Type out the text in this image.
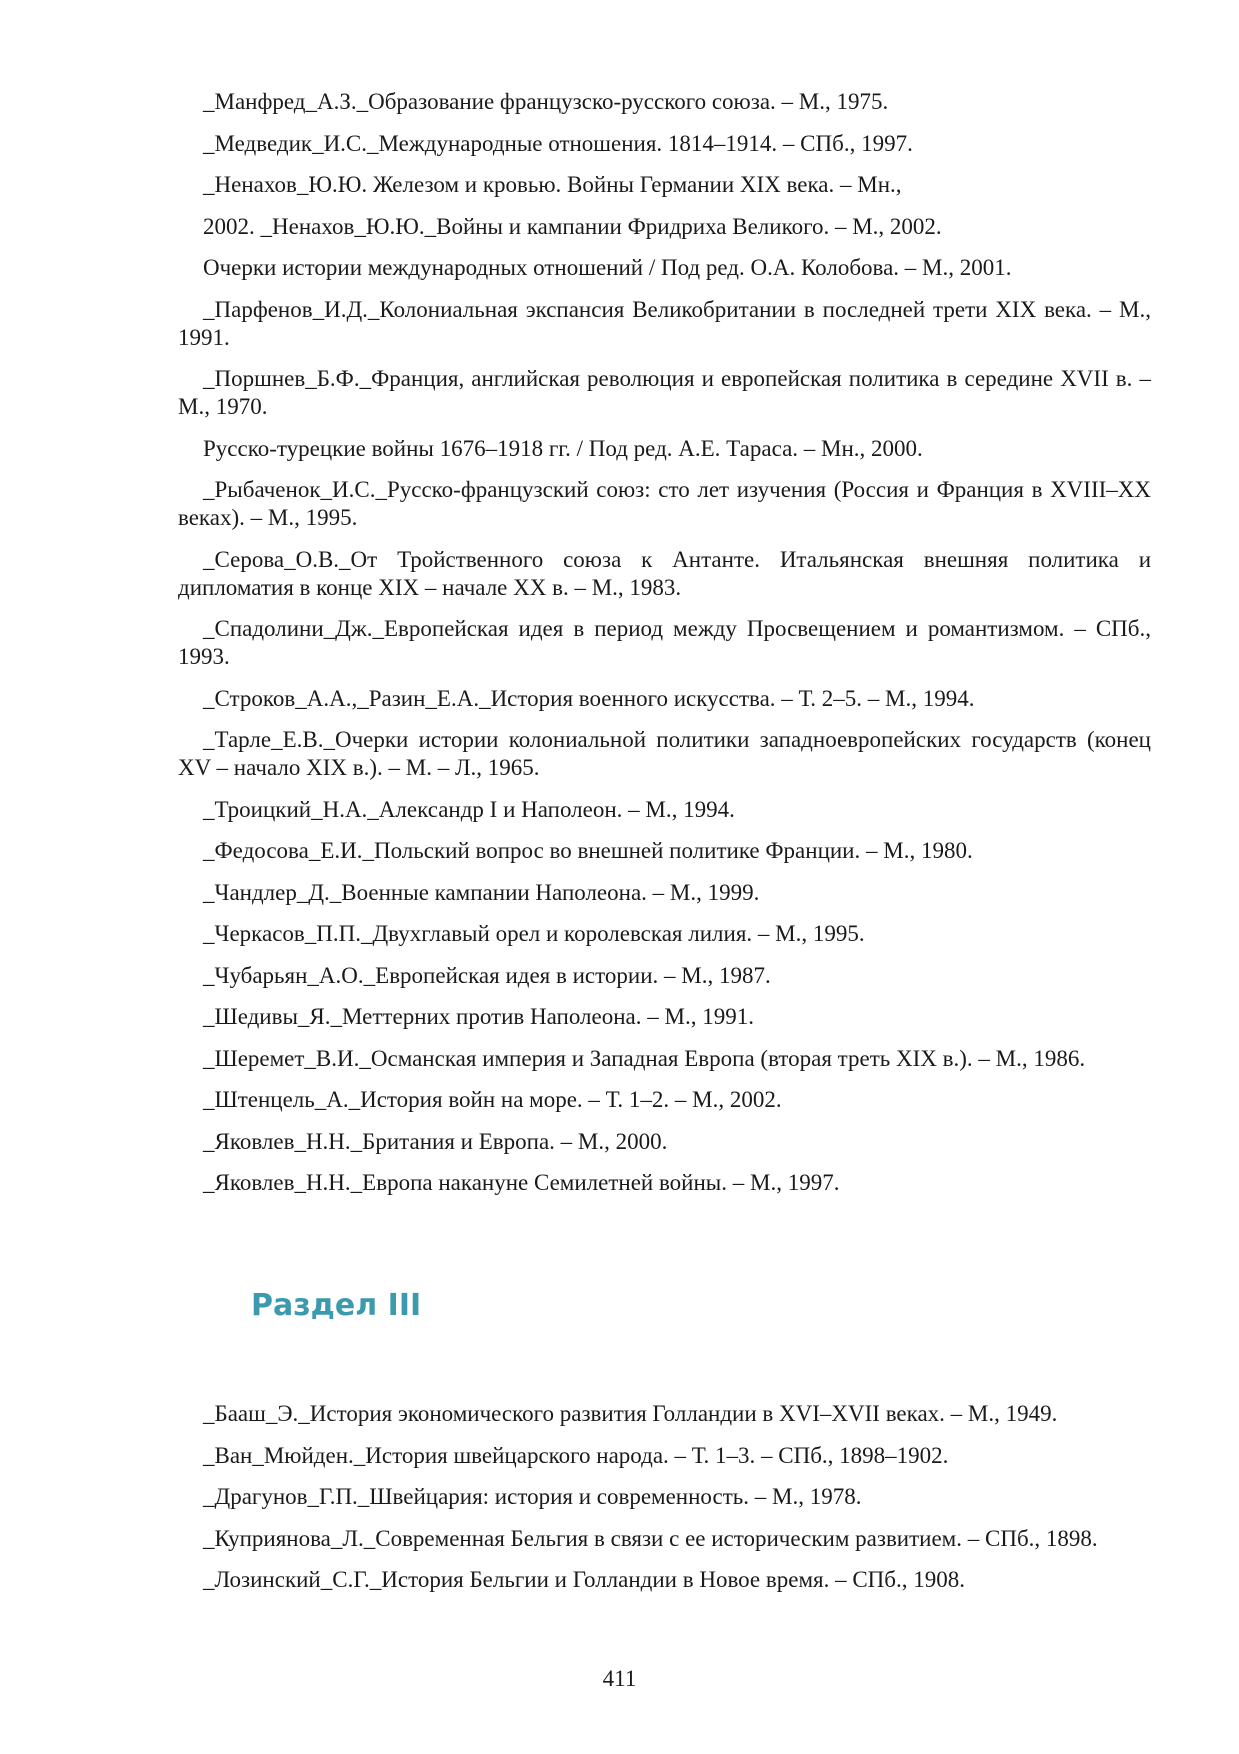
_Манфред_А.З._Образование французско-русского союза. – М., 1975.
_Медведик_И.С._Международные отношения. 1814–1914. – СПб., 1997.
_Ненахов_Ю.Ю. Железом и кровью. Войны Германии XIX века. – Мн.,
2002. _Ненахов_Ю.Ю._Войны и кампании Фридриха Великого. – М., 2002.
Очерки истории международных отношений / Под ред. О.А. Колобова. – М., 2001.
_Парфенов_И.Д._Колониальная экспансия Великобритании в последней трети XIX века. – М., 1991.
_Поршнев_Б.Ф._Франция, английская революция и европейская политика в середине XVII в. – М., 1970.
Русско-турецкие войны 1676–1918 гг. / Под ред. А.Е. Тараса. – Мн., 2000.
_Рыбаченок_И.С._Русско-французский союз: сто лет изучения (Россия и Франция в XVIII–XX веках). – М., 1995.
_Серова_О.В._От Тройственного союза к Антанте. Итальянская внешняя политика и дипломатия в конце XIX – начале XX в. – М., 1983.
_Спадолини_Дж._Европейская идея в период между Просвещением и романтизмом. – СПб., 1993.
_Строков_А.А.,_Разин_Е.А._История военного искусства. – Т. 2–5. – М., 1994.
_Тарле_Е.В._Очерки истории колониальной политики западноевропейских государств (конец XV – начало XIX в.). – М. – Л., 1965.
_Троицкий_Н.А._Александр I и Наполеон. – М., 1994.
_Федосова_Е.И._Польский вопрос во внешней политике Франции. – М., 1980.
_Чандлер_Д._Военные кампании Наполеона. – М., 1999.
_Черкасов_П.П._Двухглавый орел и королевская лилия. – М., 1995.
_Чубарьян_А.О._Европейская идея в истории. – М., 1987.
_Шедивы_Я._Меттерних против Наполеона. – М., 1991.
_Шеремет_В.И._Османская империя и Западная Европа (вторая треть XIX в.). – М., 1986.
_Штенцель_А._История войн на море. – Т. 1–2. – М., 2002.
_Яковлев_Н.Н._Британия и Европа. – М., 2000.
_Яковлев_Н.Н._Европа накануне Семилетней войны. – М., 1997.
Раздел III
_Бааш_Э._История экономического развития Голландии в XVI–XVII веках. – М., 1949.
_Ван_Мюйден._История швейцарского народа. – Т. 1–3. – СПб., 1898–1902.
_Драгунов_Г.П._Швейцария: история и современность. – М., 1978.
_Куприянова_Л._Современная Бельгия в связи с ее историческим развитием. – СПб., 1898.
_Лозинский_С.Г._История Бельгии и Голландии в Новое время. – СПб., 1908.
411
